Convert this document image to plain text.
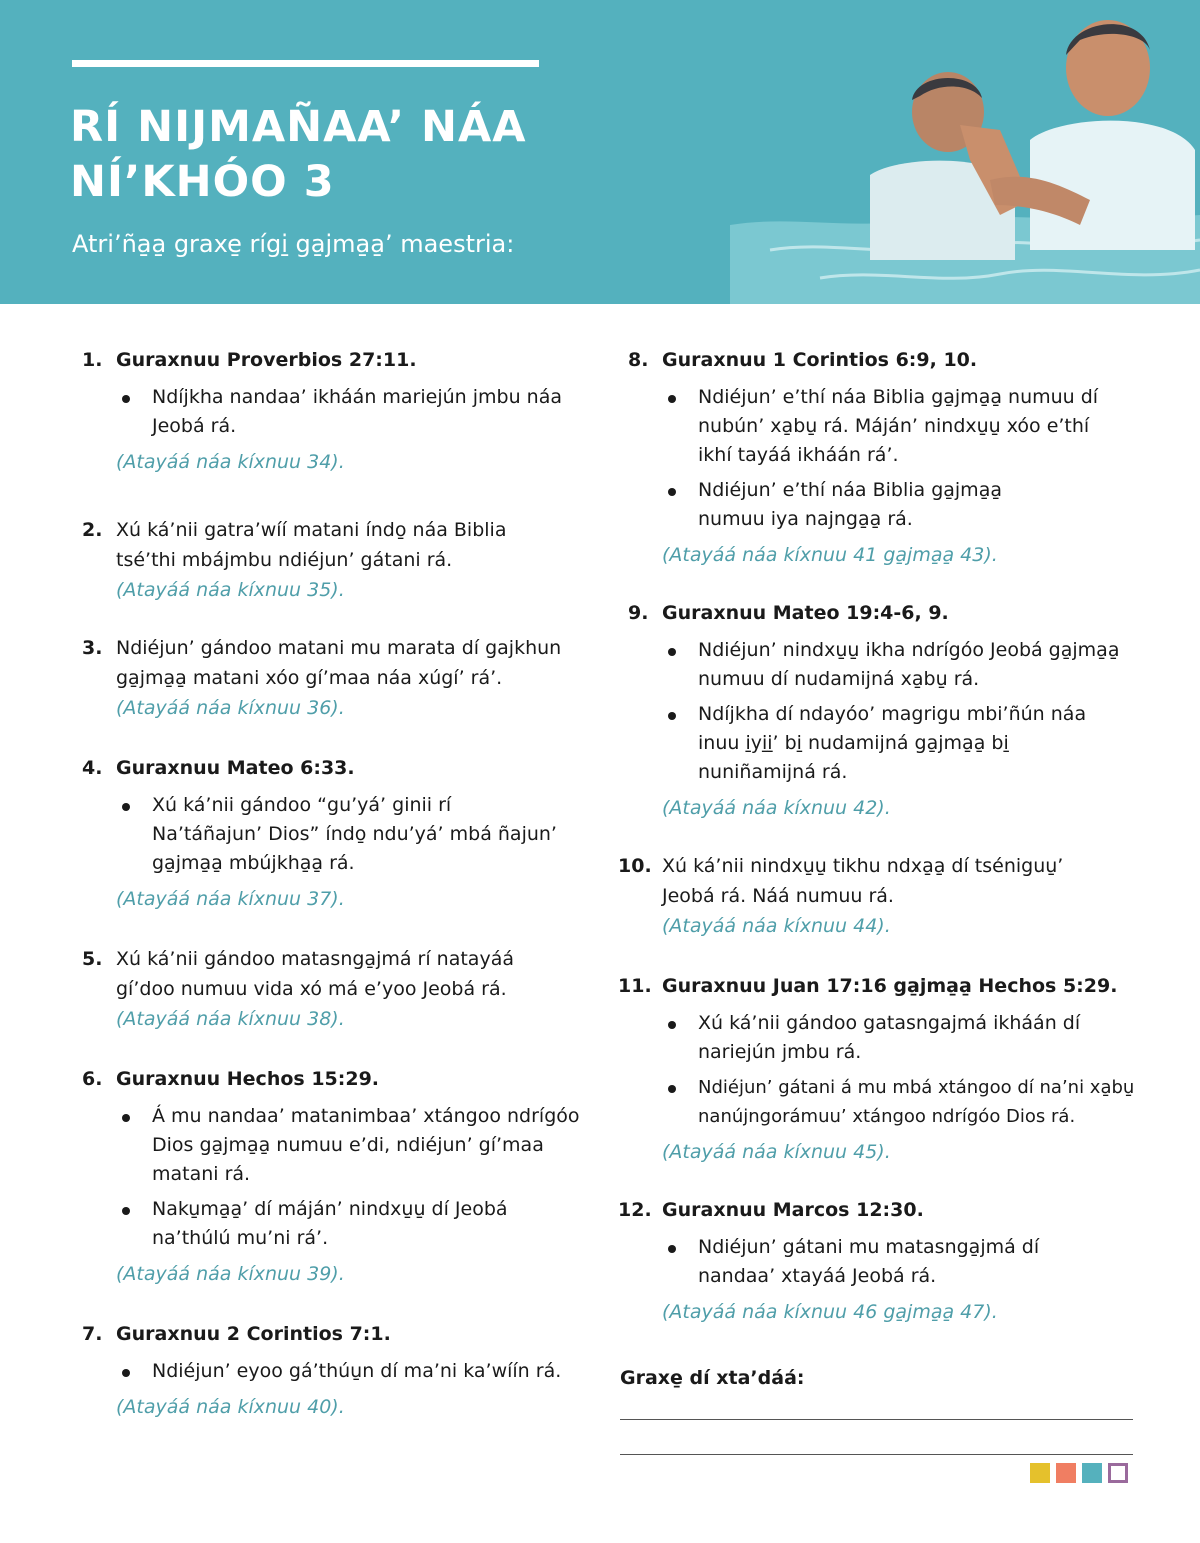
RÍ NIJMAÑAA’ NÁA
NÍ’KHÓO 3
Atri’ña̱a̱ graxe̱ rígi̱ ga̱jma̱a̱’ maestria:
1. Guraxnuu Proverbios 27:11.
Ndíjkha nandaa’ ikháán mariejún jmbu náa Jeobá rá.
(Atayáá náa kíxnuu 34).
2. Xú ká’nii gatra’wíí matani índo̱ náa Biblia tsé’thi mbájmbu ndiéjun’ gátani rá.
(Atayáá náa kíxnuu 35).
3. Ndiéjun’ gándoo matani mu marata dí gajkhun ga̱jma̱a̱ matani xóo gí’maa náa xúgí’ rá’.
(Atayáá náa kíxnuu 36).
4. Guraxnuu Mateo 6:33.
Xú ká’nii gándoo “gu’yá’ ginii rí Na’táñajun’ Dios” índo̱ ndu’yá’ mbá ñajun’ ga̱jma̱a̱ mbújkha̱a̱ rá.
(Atayáá náa kíxnuu 37).
5. Xú ká’nii gándoo matasnga̱jmá rí natayáá gí’doo numuu vida xó má e’yoo Jeobá rá.
(Atayáá náa kíxnuu 38).
6. Guraxnuu Hechos 15:29.
Á mu nandaa’ matanimbaa’ xtángoo ndrígóo Dios ga̱jma̱a̱ numuu e’di, ndiéjun’ gí’maa matani rá.
Naku̱ma̱a̱’ dí máján’ nindxu̱u̱ dí Jeobá na’thúlú mu’ni rá’.
(Atayáá náa kíxnuu 39).
7. Guraxnuu 2 Corintios 7:1.
Ndiéjun’ eyoo gá’thúu̱n dí ma’ni ka’wíín rá.
(Atayáá náa kíxnuu 40).
8. Guraxnuu 1 Corintios 6:9, 10.
Ndiéjun’ e’thí náa Biblia ga̱jma̱a̱ numuu dí nubún’ xa̱bu̱ rá. Máján’ nindxu̱u̱ xóo e’thí ikhí tayáá ikháán rá’.
Ndiéjun’ e’thí náa Biblia ga̱jma̱a̱ numuu iya najnga̱a̱ rá.
(Atayáá náa kíxnuu 41 ga̱jma̱a̱ 43).
9. Guraxnuu Mateo 19:4-6, 9.
Ndiéjun’ nindxu̱u̱ ikha ndrígóo Jeobá ga̱jma̱a̱ numuu dí nudamijná xa̱bu̱ rá.
Ndíjkha dí ndayóo’ magrigu mbi’ñún náa inuu i̱yi̱i̱’ bi̱ nudamijná ga̱jma̱a̱ bi̱ nuniñamijná rá.
(Atayáá náa kíxnuu 42).
10. Xú ká’nii nindxu̱u̱ tikhu ndxa̱a̱ dí tséniguu̱’ Jeobá rá. Náá numuu rá.
(Atayáá náa kíxnuu 44).
11. Guraxnuu Juan 17:16 ga̱jma̱a̱ Hechos 5:29.
Xú ká’nii gándoo gatasngajmá ikháán dí nariejún jmbu rá.
Ndiéjun’ gátani á mu mbá xtángoo dí na’ni xa̱bu̱ nanújngorámuu’ xtángoo ndrígóo Dios rá.
(Atayáá náa kíxnuu 45).
12. Guraxnuu Marcos 12:30.
Ndiéjun’ gátani mu matasnga̱jmá dí nandaa’ xtayáá Jeobá rá.
(Atayáá náa kíxnuu 46 ga̱jma̱a̱ 47).
Graxe̱ dí xta’dáá:
